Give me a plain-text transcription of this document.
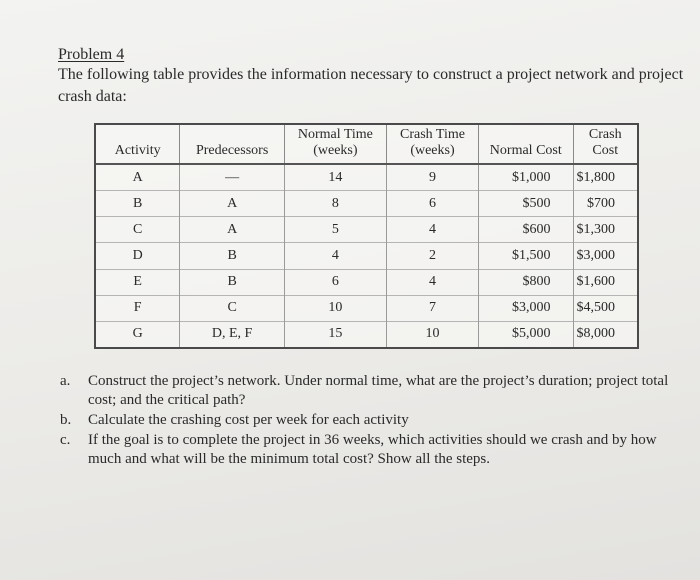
Problem 4
The following table provides the information necessary to construct a project network and project crash data:
Activity	Predecessors	Normal Time (weeks)	Crash Time (weeks)	Normal Cost	Crash Cost
A	—	14	9	$1,000	$1,800
B	A	8	6	$500	$700
C	A	5	4	$600	$1,300
D	B	4	2	$1,500	$3,000
E	B	6	4	$800	$1,600
F	C	10	7	$3,000	$4,500
G	D, E, F	15	10	$5,000	$8,000
a.	Construct the project’s network. Under normal time, what are the project’s duration; project total cost; and the critical path?
b.	Calculate the crashing cost per week for each activity
c.	If the goal is to complete the project in 36 weeks, which activities should we crash and by how much and what will be the minimum total cost? Show all the steps.
